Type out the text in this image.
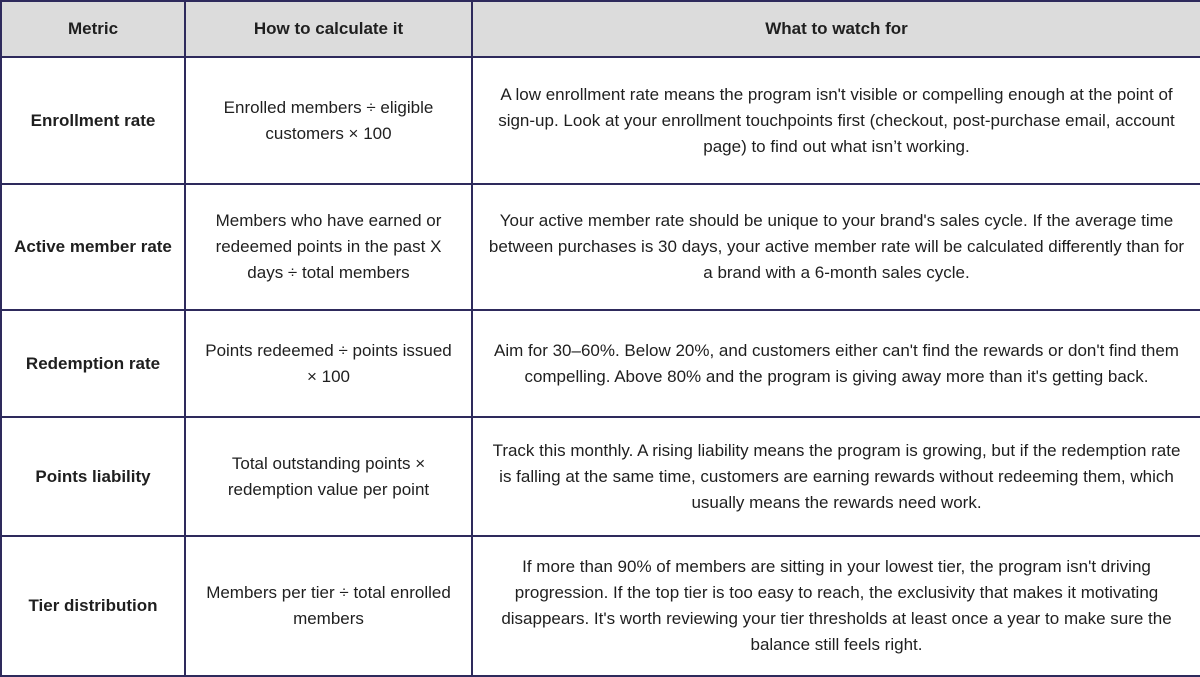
Metric	How to calculate it	What to watch for
Enrollment rate	Enrolled members ÷ eligible customers × 100	A low enrollment rate means the program isn't visible or compelling enough at the point of sign-up. Look at your enrollment touchpoints first (checkout, post-purchase email, account page) to find out what isn’t working.
Active member rate	Members who have earned or redeemed points in the past X days ÷ total members	Your active member rate should be unique to your brand's sales cycle. If the average time between purchases is 30 days, your active member rate will be calculated differently than for a brand with a 6-month sales cycle.
Redemption rate	Points redeemed ÷ points issued × 100	Aim for 30–60%. Below 20%, and customers either can't find the rewards or don't find them compelling. Above 80% and the program is giving away more than it's getting back.
Points liability	Total outstanding points × redemption value per point	Track this monthly. A rising liability means the program is growing, but if the redemption rate is falling at the same time, customers are earning rewards without redeeming them, which usually means the rewards need work.
Tier distribution	Members per tier ÷ total enrolled members	If more than 90% of members are sitting in your lowest tier, the program isn't driving progression. If the top tier is too easy to reach, the exclusivity that makes it motivating disappears. It's worth reviewing your tier thresholds at least once a year to make sure the balance still feels right.
